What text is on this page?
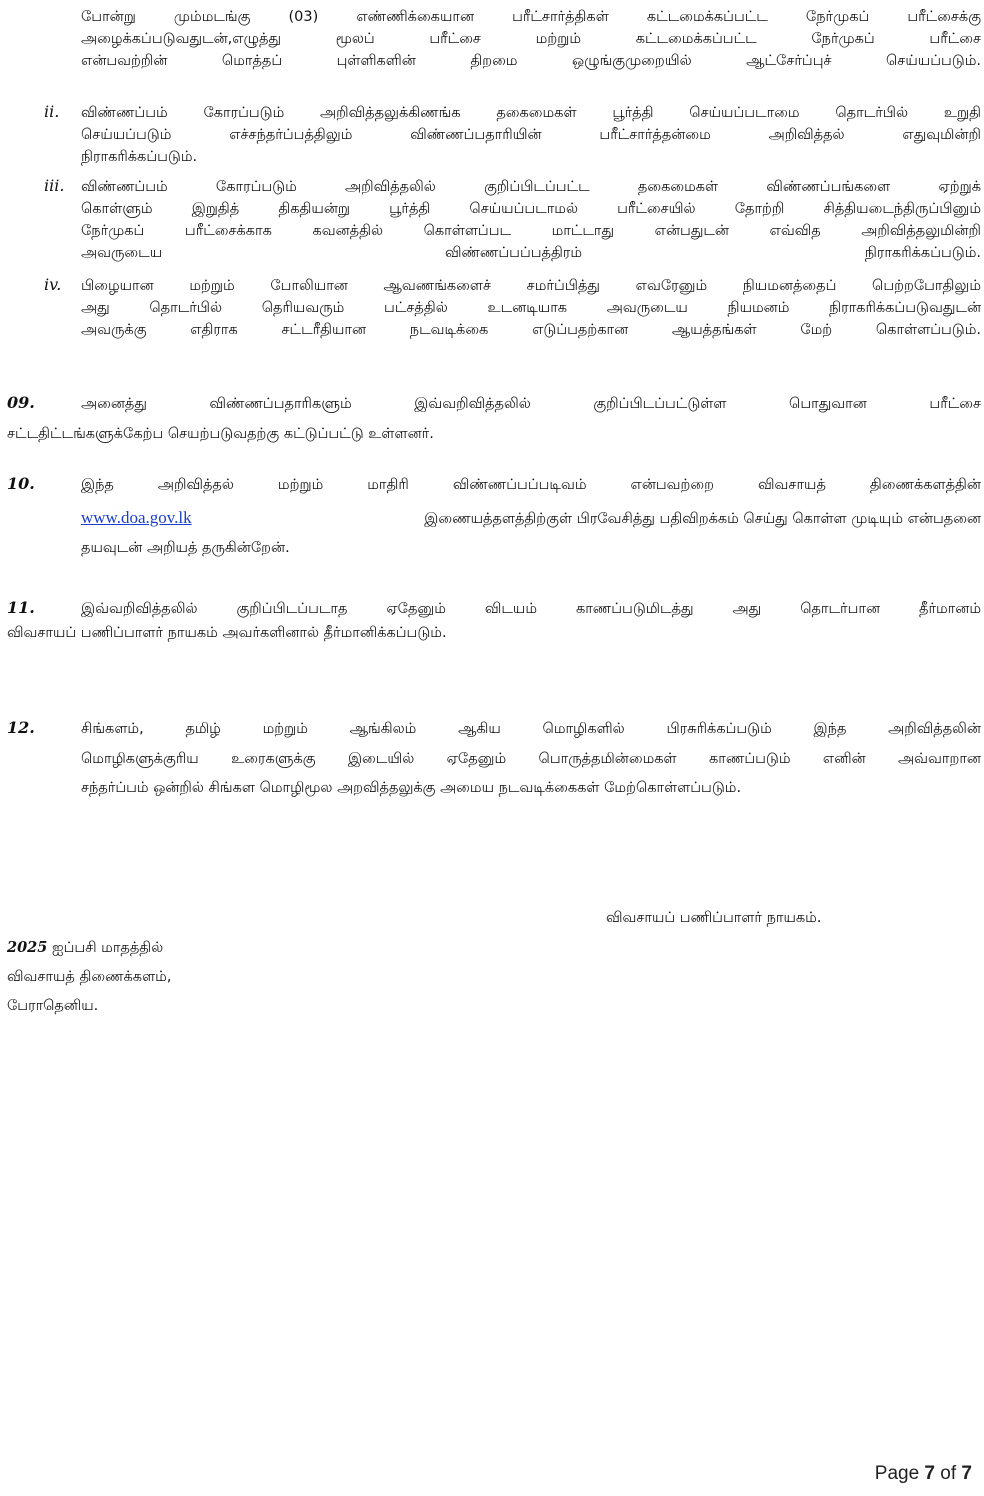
போன்று மும்மடங்கு (03) எண்ணிக்கையான பரீட்சார்த்திகள் கட்டமைக்கப்பட்ட நேர்முகப் பரீட்சைக்கு
அழைக்கப்படுவதுடன்,எழுத்து மூலப் பரீட்சை மற்றும் கட்டமைக்கப்பட்ட நேர்முகப் பரீட்சை
என்பவற்றின் மொத்தப் புள்ளிகளின் திறமை ஒழுங்குமுறையில் ஆட்சேர்ப்புச் செய்யப்படும்.
ii. விண்ணப்பம் கோரப்படும் அறிவித்தலுக்கிணங்க தகைமைகள் பூர்த்தி செய்யப்படாமை தொடர்பில் உறுதி
செய்யப்படும் எச்சந்தர்ப்பத்திலும் விண்ணப்பதாரியின் பரீட்சார்த்தன்மை அறிவித்தல் எதுவுமின்றி
நிராகரிக்கப்படும்.
iii. விண்ணப்பம் கோரப்படும் அறிவித்தலில் குறிப்பிடப்பட்ட தகைமைகள் விண்ணப்பங்களை ஏற்றுக்
கொள்ளும் இறுதித் திகதியன்று பூர்த்தி செய்யப்படாமல் பரீட்சையில் தோற்றி சித்தியடைந்திருப்பினும்
நேர்முகப் பரீட்சைக்காக கவனத்தில் கொள்ளப்பட மாட்டாது என்பதுடன் எவ்வித அறிவித்தலுமின்றி
அவருடைய விண்ணப்பப்பத்திரம் நிராகரிக்கப்படும்.
iv. பிழையான மற்றும் போலியான ஆவணங்களைச் சமர்ப்பித்து எவரேனும் நியமனத்தைப் பெற்றபோதிலும்
அது தொடர்பில் தெரியவரும் பட்சத்தில் உடனடியாக அவருடைய நியமனம் நிராகரிக்கப்படுவதுடன்
அவருக்கு எதிராக சட்டரீதியான நடவடிக்கை எடுப்பதற்கான ஆயத்தங்கள் மேற் கொள்ளப்படும்.
09.	அனைத்து விண்ணப்பதாரிகளும் இவ்வறிவித்தலில் குறிப்பிடப்பட்டுள்ள பொதுவான பரீட்சை
சட்டதிட்டங்களுக்கேற்ப செயற்படுவதற்கு கட்டுப்பட்டு உள்ளனர்.
10.	இந்த அறிவித்தல் மற்றும் மாதிரி விண்ணப்பப்படிவம் என்பவற்றை விவசாயத் திணைக்களத்தின்
www.doa.gov.lk	இணையத்தளத்திற்குள் பிரவேசித்து பதிவிறக்கம் செய்து கொள்ள முடியும் என்பதனை
தயவுடன் அறியத் தருகின்றேன்.
11.	இவ்வறிவித்தலில் குறிப்பிடப்படாத ஏதேனும் விடயம் காணப்படுமிடத்து அது தொடர்பான தீர்மானம்
விவசாயப் பணிப்பாளர் நாயகம் அவர்களினால் தீர்மானிக்கப்படும்.
12.	சிங்களம், தமிழ் மற்றும் ஆங்கிலம் ஆகிய மொழிகளில் பிரசுரிக்கப்படும் இந்த அறிவித்தலின்
மொழிகளுக்குரிய உரைகளுக்கு இடையில் ஏதேனும் பொருத்தமின்மைகள் காணப்படும் எனின் அவ்வாறான
சந்தர்ப்பம் ஒன்றில் சிங்கள மொழிமூல அறவித்தலுக்கு அமைய நடவடிக்கைகள் மேற்கொள்ளப்படும்.
விவசாயப் பணிப்பாளர் நாயகம்.
2025 ஐப்பசி மாதத்தில்
விவசாயத் திணைக்களம்,
பேராதெனிய.
Page 7 of 7
